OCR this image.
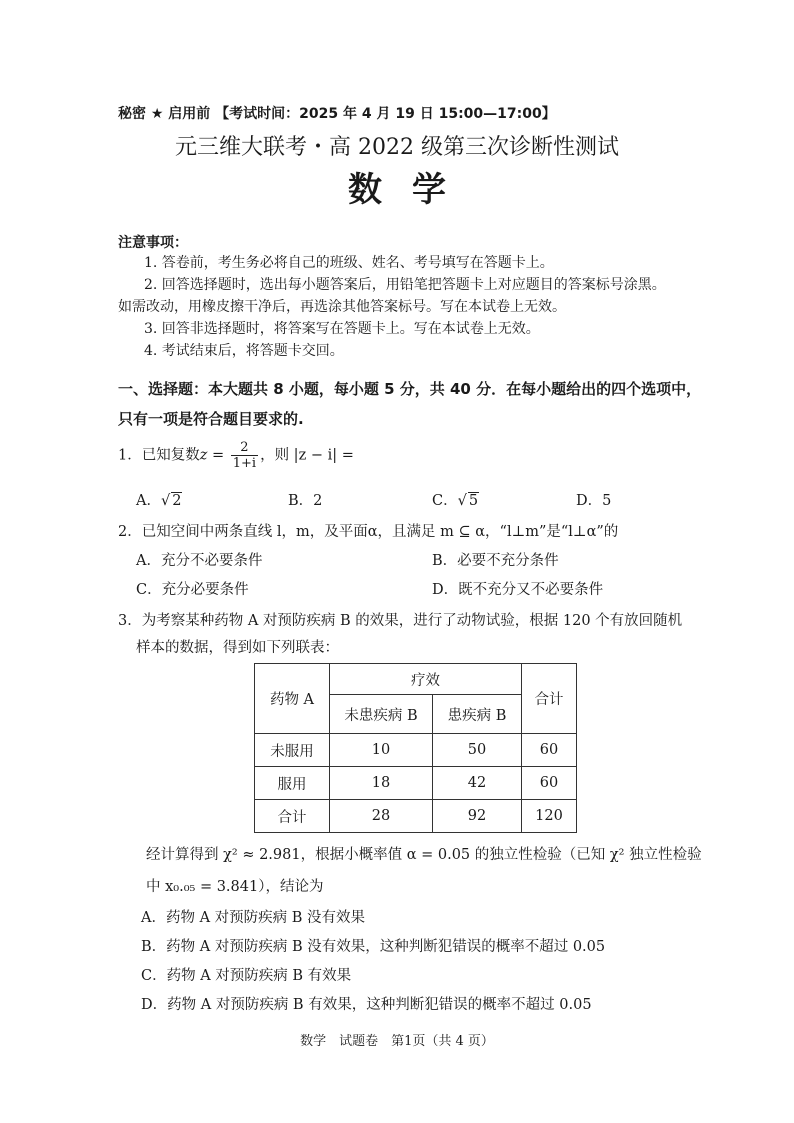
秘密 ★ 启用前 【考试时间：2025 年 4 月 19 日 15:00—17:00】
元三维大联考・高 2022 级第三次诊断性测试
数学
注意事项：
1. 答卷前，考生务必将自己的班级、姓名、考号填写在答题卡上。
2. 回答选择题时，选出每小题答案后，用铅笔把答题卡上对应题目的答案标号涂黑。
如需改动，用橡皮擦干净后，再选涂其他答案标号。写在本试卷上无效。
3. 回答非选择题时，将答案写在答题卡上。写在本试卷上无效。
4. 考试结束后，将答题卡交回。
一、选择题：本大题共 8 小题，每小题 5 分，共 40 分．在每小题给出的四个选项中，
只有一项是符合题目要求的.
1．已知复数$z = \frac{2}{1+i}$ ，则 |z − i| =
A．√ 2	B．2	C．√ 5	D．5
2．已知空间中两条直线 l，m，及平面α，且满足 m ⊆ α，“l⊥m”是“l⊥α”的
A．充分不必要条件	B．必要不充分条件
C．充分必要条件	D．既不充分又不必要条件
3．为考察某种药物 A 对预防疾病 B 的效果，进行了动物试验，根据 120 个有放回随机
样本的数据，得到如下列联表：
药物 A	疗效		合计
	未患疾病 B	患疾病 B	
未服用	10	50	60
服用	18	42	60
合计	28	92	120
经计算得到 χ² ≈ 2.981，根据小概率值 α = 0.05 的独立性检验（已知 χ² 独立性检验
中 x₀.₀₅ = 3.841），结论为
A．药物 A 对预防疾病 B 没有效果
B．药物 A 对预防疾病 B 没有效果，这种判断犯错误的概率不超过 0.05
C．药物 A 对预防疾病 B 有效果
D．药物 A 对预防疾病 B 有效果，这种判断犯错误的概率不超过 0.05
数学　试题卷　第1页（共 4 页）
